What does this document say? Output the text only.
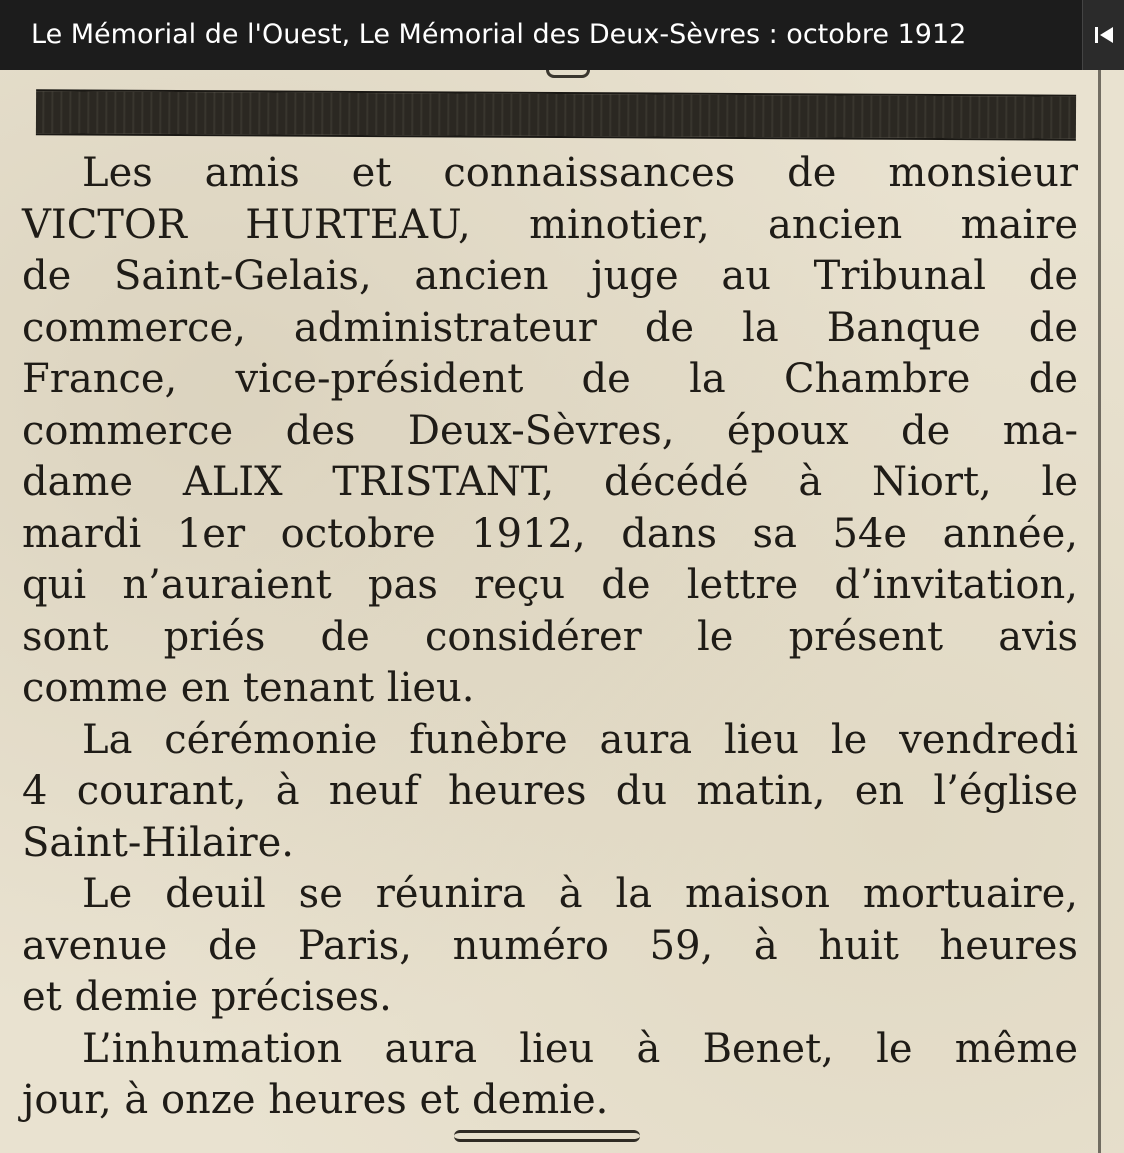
Le Mémorial de l'Ouest, Le Mémorial des Deux-Sèvres : octobre 1912

Les amis et connaissances de monsieur
VICTOR HURTEAU, minotier, ancien maire
de Saint-Gelais, ancien juge au Tribunal de
commerce, administrateur de la Banque de
France, vice-président de la Chambre de
commerce des Deux-Sèvres, époux de ma-
dame ALIX TRISTANT, décédé à Niort, le
mardi 1er octobre 1912, dans sa 54e année,
qui n’auraient pas reçu de lettre d’invitation,
sont priés de considérer le présent avis
comme en tenant lieu.

La cérémonie funèbre aura lieu le vendredi
4 courant, à neuf heures du matin, en l’église
Saint-Hilaire.

Le deuil se réunira à la maison mortuaire,
avenue de Paris, numéro 59, à huit heures
et demie précises.

L’inhumation aura lieu à Benet, le même
jour, à onze heures et demie.
